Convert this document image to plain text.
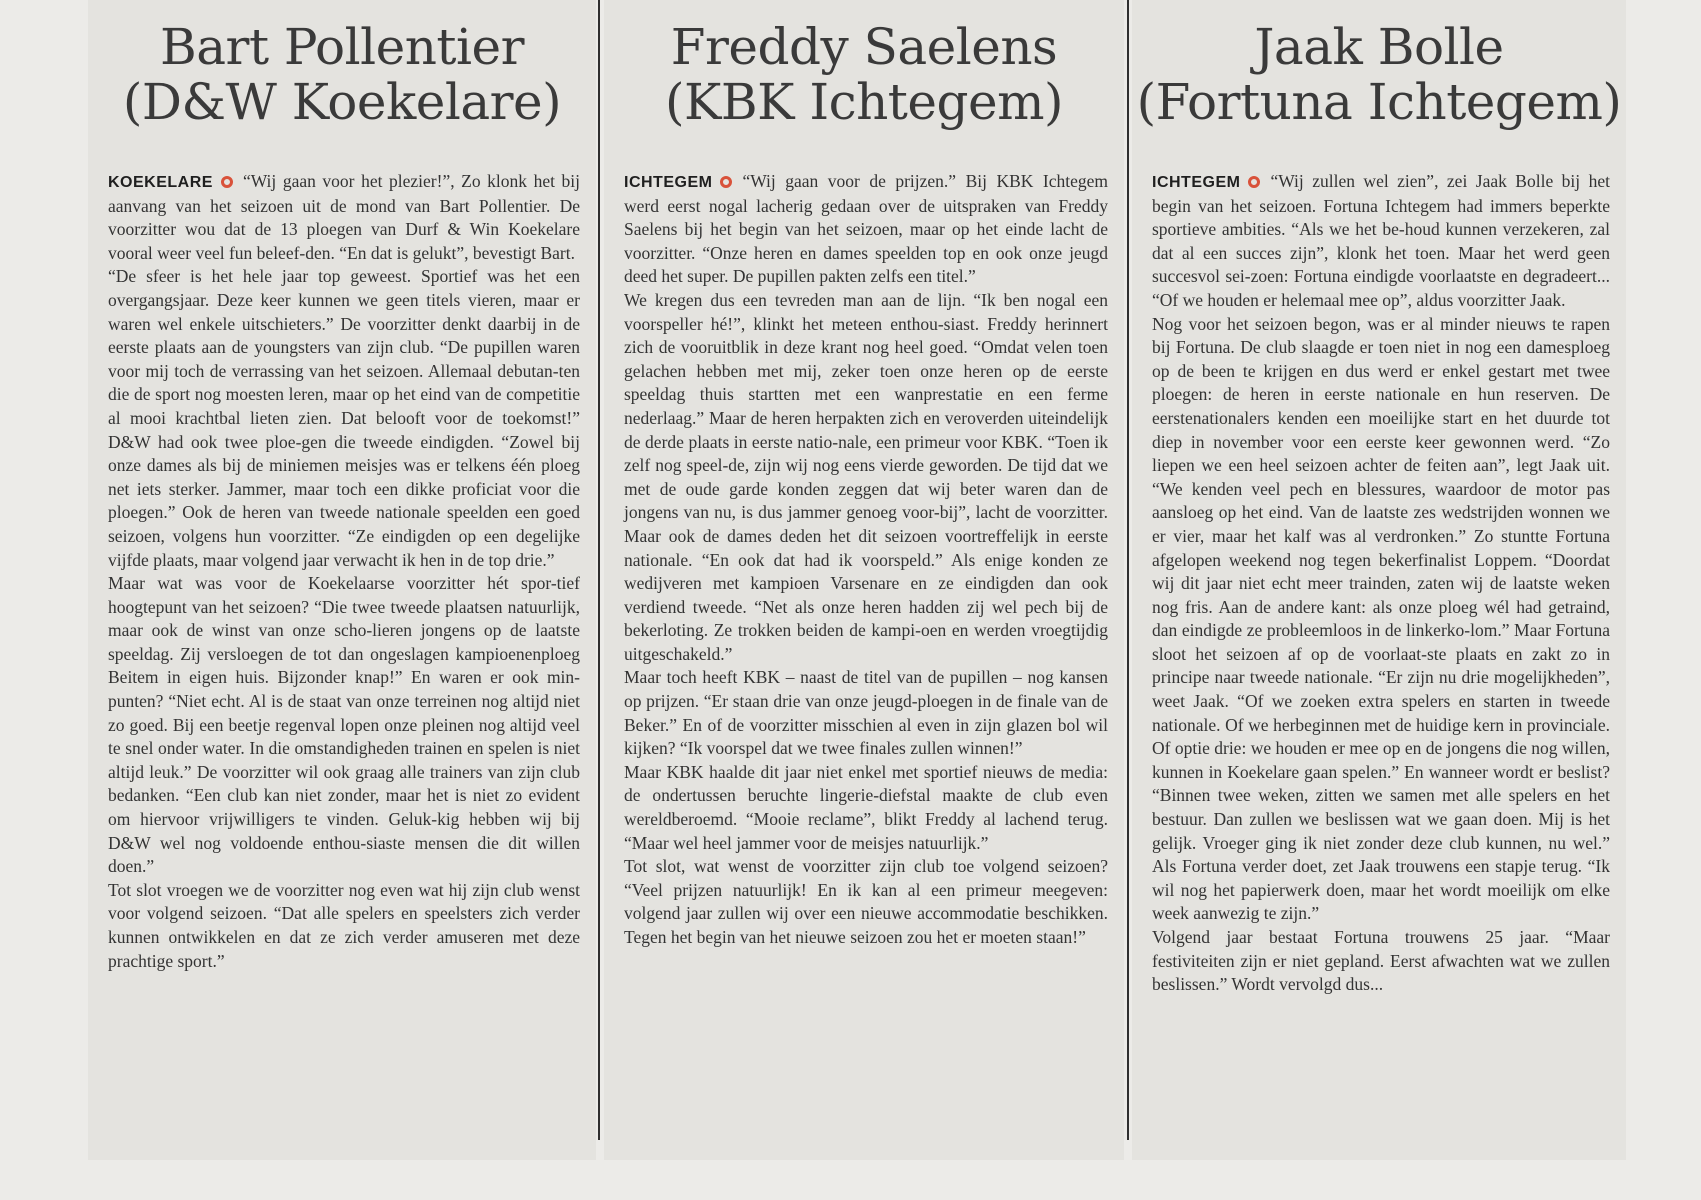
Bart Pollentier
(D&W Koekelare)

KOEKELARE “Wij gaan voor het plezier!”, Zo klonk het bij aanvang van het seizoen uit de mond van Bart Pollentier. De voorzitter wou dat de 13 ploegen van Durf & Win Koekelare vooral weer veel fun beleef-den. “En dat is gelukt”, bevestigt Bart.

“De sfeer is het hele jaar top geweest. Sportief was het een overgangsjaar. Deze keer kunnen we geen titels vieren, maar er waren wel enkele uitschieters.” De voorzitter denkt daarbij in de eerste plaats aan de youngsters van zijn club. “De pupillen waren voor mij toch de verrassing van het seizoen. Allemaal debutan-ten die de sport nog moesten leren, maar op het eind van de competitie al mooi krachtbal lieten zien. Dat belooft voor de toekomst!” D&W had ook twee ploe-gen die tweede eindigden. “Zowel bij onze dames als bij de miniemen meisjes was er telkens één ploeg net iets sterker. Jammer, maar toch een dikke proficiat voor die ploegen.” Ook de heren van tweede nationale speelden een goed seizoen, volgens hun voorzitter. “Ze eindigden op een degelijke vijfde plaats, maar volgend jaar verwacht ik hen in de top drie.”

Maar wat was voor de Koekelaarse voorzitter hét spor-tief hoogtepunt van het seizoen? “Die twee tweede plaatsen natuurlijk, maar ook de winst van onze scho-lieren jongens op de laatste speeldag. Zij versloegen de tot dan ongeslagen kampioenenploeg Beitem in eigen huis. Bijzonder knap!” En waren er ook min-punten? “Niet echt. Al is de staat van onze terreinen nog altijd niet zo goed. Bij een beetje regenval lopen onze pleinen nog altijd veel te snel onder water. In die omstandigheden trainen en spelen is niet altijd leuk.” De voorzitter wil ook graag alle trainers van zijn club bedanken. “Een club kan niet zonder, maar het is niet zo evident om hiervoor vrijwilligers te vinden. Geluk-kig hebben wij bij D&W wel nog voldoende enthou-siaste mensen die dit willen doen.”

Tot slot vroegen we de voorzitter nog even wat hij zijn club wenst voor volgend seizoen. “Dat alle spelers en speelsters zich verder kunnen ontwikkelen en dat ze zich verder amuseren met deze prachtige sport.”

Freddy Saelens
(KBK Ichtegem)

ICHTEGEM “Wij gaan voor de prijzen.” Bij KBK Ichtegem werd eerst nogal lacherig gedaan over de uitspraken van Freddy Saelens bij het begin van het seizoen, maar op het einde lacht de voorzitter. “Onze heren en dames speelden top en ook onze jeugd deed het super. De pupillen pakten zelfs een titel.”

We kregen dus een tevreden man aan de lijn. “Ik ben nogal een voorspeller hé!”, klinkt het meteen enthou-siast. Freddy herinnert zich de vooruitblik in deze krant nog heel goed. “Omdat velen toen gelachen hebben met mij, zeker toen onze heren op de eerste speeldag thuis startten met een wanprestatie en een ferme nederlaag.” Maar de heren herpakten zich en veroverden uiteindelijk de derde plaats in eerste natio-nale, een primeur voor KBK. “Toen ik zelf nog speel-de, zijn wij nog eens vierde geworden. De tijd dat we met de oude garde konden zeggen dat wij beter waren dan de jongens van nu, is dus jammer genoeg voor-bij”, lacht de voorzitter. Maar ook de dames deden het dit seizoen voortreffelijk in eerste nationale. “En ook dat had ik voorspeld.” Als enige konden ze wedijveren met kampioen Varsenare en ze eindigden dan ook verdiend tweede. “Net als onze heren hadden zij wel pech bij de bekerloting. Ze trokken beiden de kampi-oen en werden vroegtijdig uitgeschakeld.”

Maar toch heeft KBK – naast de titel van de pupillen – nog kansen op prijzen. “Er staan drie van onze jeugd-ploegen in de finale van de Beker.” En of de voorzitter misschien al even in zijn glazen bol wil kijken? “Ik voorspel dat we twee finales zullen winnen!”

Maar KBK haalde dit jaar niet enkel met sportief nieuws de media: de ondertussen beruchte lingerie-diefstal maakte de club even wereldberoemd. “Mooie reclame”, blikt Freddy al lachend terug. “Maar wel heel jammer voor de meisjes natuurlijk.”

Tot slot, wat wenst de voorzitter zijn club toe volgend seizoen? “Veel prijzen natuurlijk! En ik kan al een primeur meegeven: volgend jaar zullen wij over een nieuwe accommodatie beschikken. Tegen het begin van het nieuwe seizoen zou het er moeten staan!”

Jaak Bolle
(Fortuna Ichtegem)

ICHTEGEM “Wij zullen wel zien”, zei Jaak Bolle bij het begin van het seizoen. Fortuna Ichtegem had immers beperkte sportieve ambities. “Als we het be-houd kunnen verzekeren, zal dat al een succes zijn”, klonk het toen. Maar het werd geen succesvol sei-zoen: Fortuna eindigde voorlaatste en degradeert... “Of we houden er helemaal mee op”, aldus voorzitter Jaak.

Nog voor het seizoen begon, was er al minder nieuws te rapen bij Fortuna. De club slaagde er toen niet in nog een damesploeg op de been te krijgen en dus werd er enkel gestart met twee ploegen: de heren in eerste nationale en hun reserven. De eerstenationalers kenden een moeilijke start en het duurde tot diep in november voor een eerste keer gewonnen werd. “Zo liepen we een heel seizoen achter de feiten aan”, legt Jaak uit. “We kenden veel pech en blessures, waardoor de motor pas aansloeg op het eind. Van de laatste zes wedstrijden wonnen we er vier, maar het kalf was al verdronken.” Zo stuntte Fortuna afgelopen weekend nog tegen bekerfinalist Loppem. “Doordat wij dit jaar niet echt meer trainden, zaten wij de laatste weken nog fris. Aan de andere kant: als onze ploeg wél had getraind, dan eindigde ze probleemloos in de linkerko-lom.” Maar Fortuna sloot het seizoen af op de voorlaat-ste plaats en zakt zo in principe naar tweede nationale. “Er zijn nu drie mogelijkheden”, weet Jaak. “Of we zoeken extra spelers en starten in tweede nationale. Of we herbeginnen met de huidige kern in provinciale. Of optie drie: we houden er mee op en de jongens die nog willen, kunnen in Koekelare gaan spelen.” En wanneer wordt er beslist? “Binnen twee weken, zitten we samen met alle spelers en het bestuur. Dan zullen we beslissen wat we gaan doen. Mij is het gelijk. Vroeger ging ik niet zonder deze club kunnen, nu wel.” Als Fortuna verder doet, zet Jaak trouwens een stapje terug. “Ik wil nog het papierwerk doen, maar het wordt moeilijk om elke week aanwezig te zijn.”

Volgend jaar bestaat Fortuna trouwens 25 jaar. “Maar festiviteiten zijn er niet gepland. Eerst afwachten wat we zullen beslissen.” Wordt vervolgd dus...
